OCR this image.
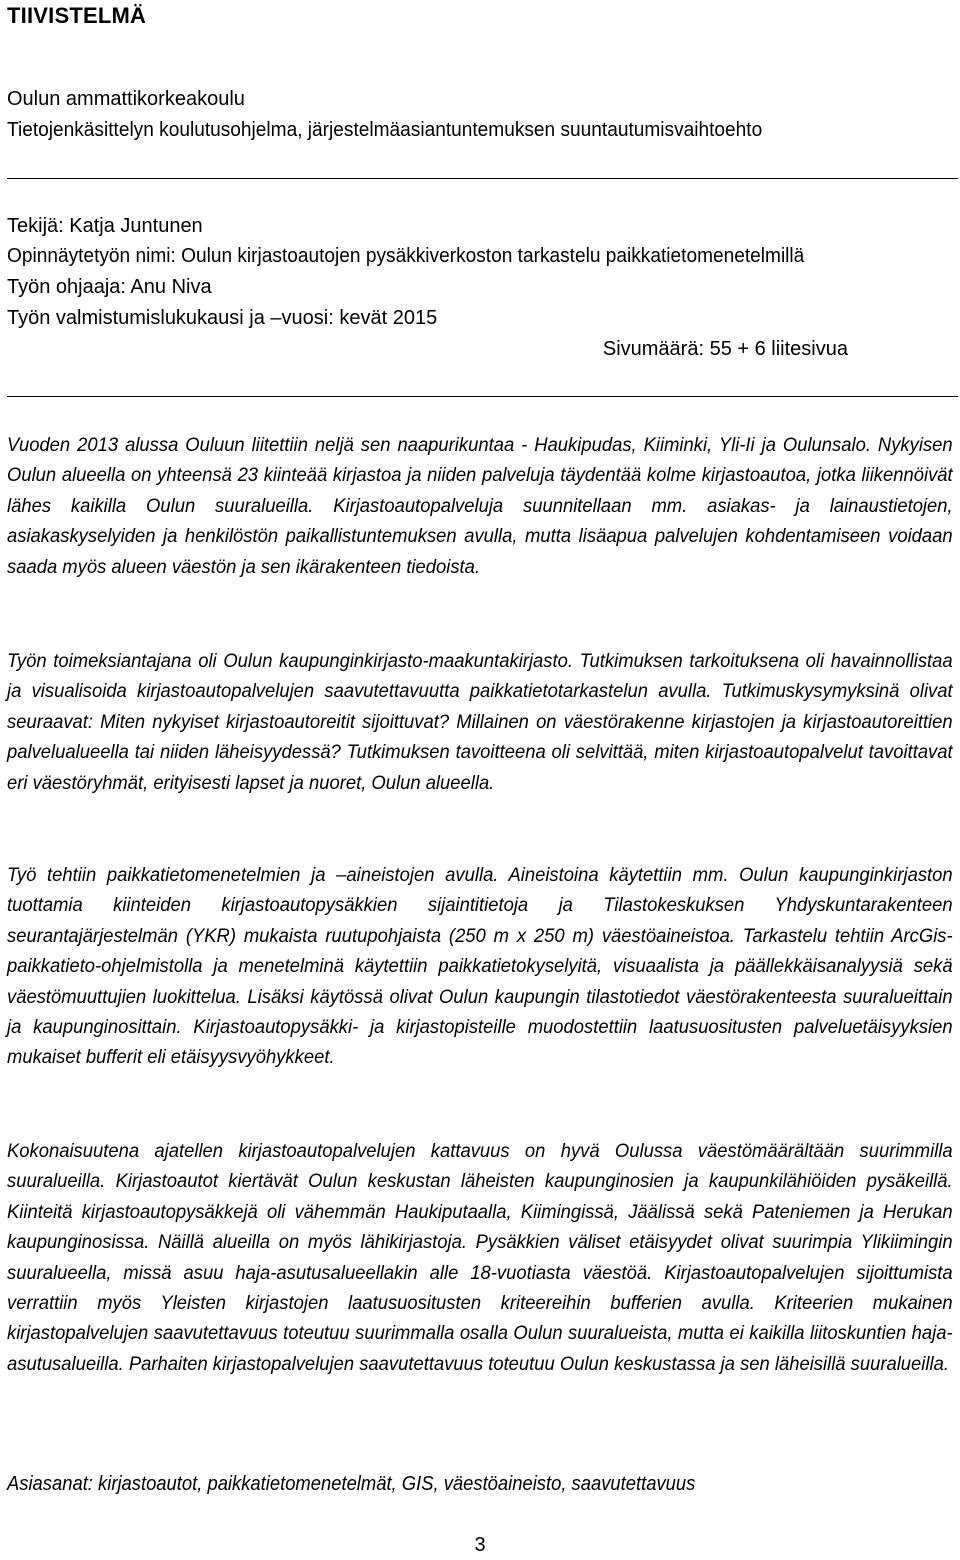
TIIVISTELMÄ
Oulun ammattikorkeakoulu
Tietojenkäsittelyn koulutusohjelma, järjestelmäasiantuntemuksen suuntautumisvaihtoehto
Tekijä: Katja Juntunen
Opinnäytetyön nimi: Oulun kirjastoautojen pysäkkiverkoston tarkastelu paikkatietomenetelmillä
Työn ohjaaja: Anu Niva
Työn valmistumislukukausi ja –vuosi: kevät 2015
Sivumäärä: 55 + 6 liitesivua
Vuoden 2013 alussa Ouluun liitettiin neljä sen naapurikuntaa - Haukipudas, Kiiminki, Yli-Ii ja Oulunsalo. Nykyisen Oulun alueella on yhteensä 23 kiinteää kirjastoa ja niiden palveluja täydentää kolme kirjastoautoa, jotka liikennöivät lähes kaikilla Oulun suuralueilla. Kirjastoautopalveluja suunnitellaan mm. asiakas- ja lainaustietojen, asiakaskyselyiden ja henkilöstön paikallistuntemuksen avulla, mutta lisäapua palvelujen kohdentamiseen voidaan saada myös alueen väestön ja sen ikärakenteen tiedoista.
Työn toimeksiantajana oli Oulun kaupunginkirjasto-maakuntakirjasto. Tutkimuksen tarkoituksena oli havainnollistaa ja visualisoida kirjastoautopalvelujen saavutettavuutta paikkatietotarkastelun avulla. Tutkimuskysymyksinä olivat seuraavat: Miten nykyiset kirjastoautoreitit sijoittuvat? Millainen on väestörakenne kirjastojen ja kirjastoautoreittien palvelualueella tai niiden läheisyydessä? Tutkimuksen tavoitteena oli selvittää, miten kirjastoautopalvelut tavoittavat eri väestöryhmät, erityisesti lapset ja nuoret, Oulun alueella.
Työ tehtiin paikkatietomenetelmien ja –aineistojen avulla. Aineistoina käytettiin mm. Oulun kaupunginkirjaston tuottamia kiinteiden kirjastoautopysäkkien sijaintitietoja ja Tilastokeskuksen Yhdyskuntarakenteen seurantajärjestelmän (YKR) mukaista ruutupohjaista (250 m x 250 m) väestöaineistoa. Tarkastelu tehtiin ArcGis-paikkatieto-ohjelmistolla ja menetelminä käytettiin paikkatietokyselyitä, visuaalista ja päällekkäisanalyysiä sekä väestömuuttujien luokittelua. Lisäksi käytössä olivat Oulun kaupungin tilastotiedot väestörakenteesta suuralueittain ja kaupunginosittain. Kirjastoautopysäkki- ja kirjastopisteille muodostettiin laatusuositusten palveluetäisyyksien mukaiset bufferit eli etäisyysvyöhykkeet.
Kokonaisuutena ajatellen kirjastoautopalvelujen kattavuus on hyvä Oulussa väestömäärältään suurimmilla suuralueilla. Kirjastoautot kiertävät Oulun keskustan läheisten kaupunginosien ja kaupunkilähiöiden pysäkeillä. Kiinteitä kirjastoautopysäkkejä oli vähemmän Haukiputaalla, Kiimingissä, Jäälissä sekä Pateniemen ja Herukan kaupunginosissa. Näillä alueilla on myös lähikirjastoja. Pysäkkien väliset etäisyydet olivat suurimpia Ylikiimingin suuralueella, missä asuu haja-asutusalueellakin alle 18-vuotiasta väestöä. Kirjastoautopalvelujen sijoittumista verrattiin myös Yleisten kirjastojen laatusuositusten kriteereihin bufferien avulla. Kriteerien mukainen kirjastopalvelujen saavutettavuus toteutuu suurimmalla osalla Oulun suuralueista, mutta ei kaikilla liitoskuntien haja-asutusalueilla. Parhaiten kirjastopalvelujen saavutettavuus toteutuu Oulun keskustassa ja sen läheisillä suuralueilla.
Asiasanat: kirjastoautot, paikkatietomenetelmät, GIS, väestöaineisto, saavutettavuus
3
